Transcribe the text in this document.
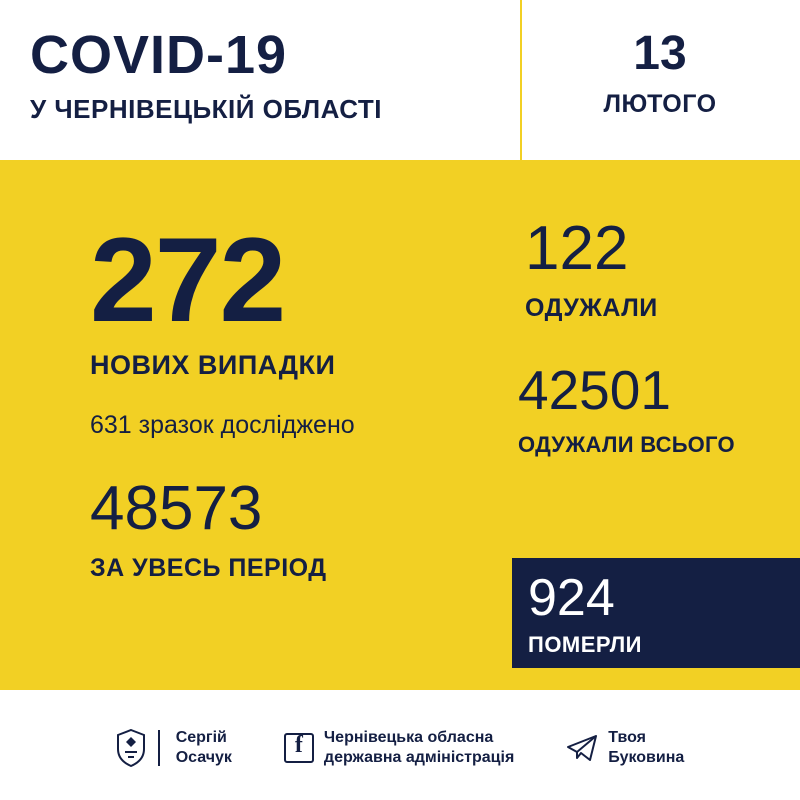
COVID-19
У ЧЕРНІВЕЦЬКІЙ ОБЛАСТІ
13
ЛЮТОГО
272
НОВИХ ВИПАДКИ
631 зразок досліджено
48573
ЗА УВЕСЬ ПЕРІОД
122
ОДУЖАЛИ
42501
ОДУЖАЛИ ВСЬОГО
924
ПОМЕРЛИ
Сергій
Осачук
f
Чернівецька обласна
державна адміністрація
Твоя
Буковина
